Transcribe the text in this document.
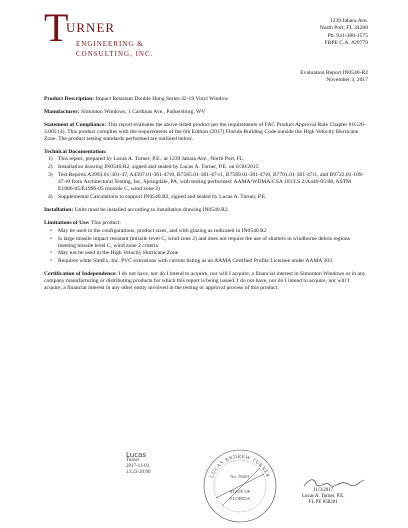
T
URNER
ENGINEERING &
CONSULTING, INC.
1239 Jabara Ave.
North Port, FL 34288
Ph. 941-380-1575
FBPE C.A. #29779
Evaluation Report IN0540-R2
November 3, 2017

Product Description: Impact Resistant Double Hung Series 42-19 Vinyl Window

Manufacturer: Simonton Windows, 1 Cardinas Ave., Parkersburg, WV

Statement of Compliance: This report evaluates the above-listed product per the requirements of FAC Product Approval Rule Chapter 61G20-3.005 (4). This product complies with the requirements of the 6th Edition (2017) Florida Building Code outside the High Velocity Hurricane Zone. The product testing standards performed are outlined below.

Technical Documentation:
1) This report, prepared by Lucas A. Turner, P.E., at 1239 Jabara Ave., North Port, FL
2) Installation drawing IN0540.R2, signed and sealed by Lucas A. Turner, P.E. on 6/30/2015
3) Test Reports A3993.01-301-47, A4397.01-301-47r0, B7585.01-301-47-r1, B7589.01-301-47r0, B7701.01-301-47r1, and B9722.01-109-47-r0 from Architectural Testing, Inc, Springdale, PA, with testing performed: AAMA/WDMA/CSA 101/I.S.2/A440-05/08, ASTM E1886-05/E1996-05 (missile C, wind zone 2)
4) Supplemental Calculations to support IN0540.R2, signed and sealed by Lucas A. Turner, P.E.

Installation: Units must be installed according to installation drawing IN0540.R2.

Limitations of Use: This product:
• May be used in the configurations, product sizes, and with glazing as indicated in IN0540.R2
• Is large missile impact resistant (missile level C, wind zone 2) and does not require the use of shutters in windborne debris regions meeting missile level C, wind zone 2 criteria
• May not be used in the High Velocity Hurricane Zone
• Requires white SimEx, Inc. PVC extrusions with current listing as an AAMA Certified Profile Licensee under AAMA 303

Certification of Independence: I do not have, nor do I intend to acquire, nor will I acquire, a financial interest in Simonton Windows or in any company manufacturing or distributing products for which this report is being issued. I do not have, nor do I intend to acquire, nor will I acquire, a financial interest in any other entity involved in the testing or approval process of this product.

Lucas
Turner
2017-11-03
13:23-20:00
LUCAS ANDREW TURNER
No. 58201
STATE OF
FLORIDA
11/3/2017
Lucas A. Turner, P.E.
FL PE #58201
